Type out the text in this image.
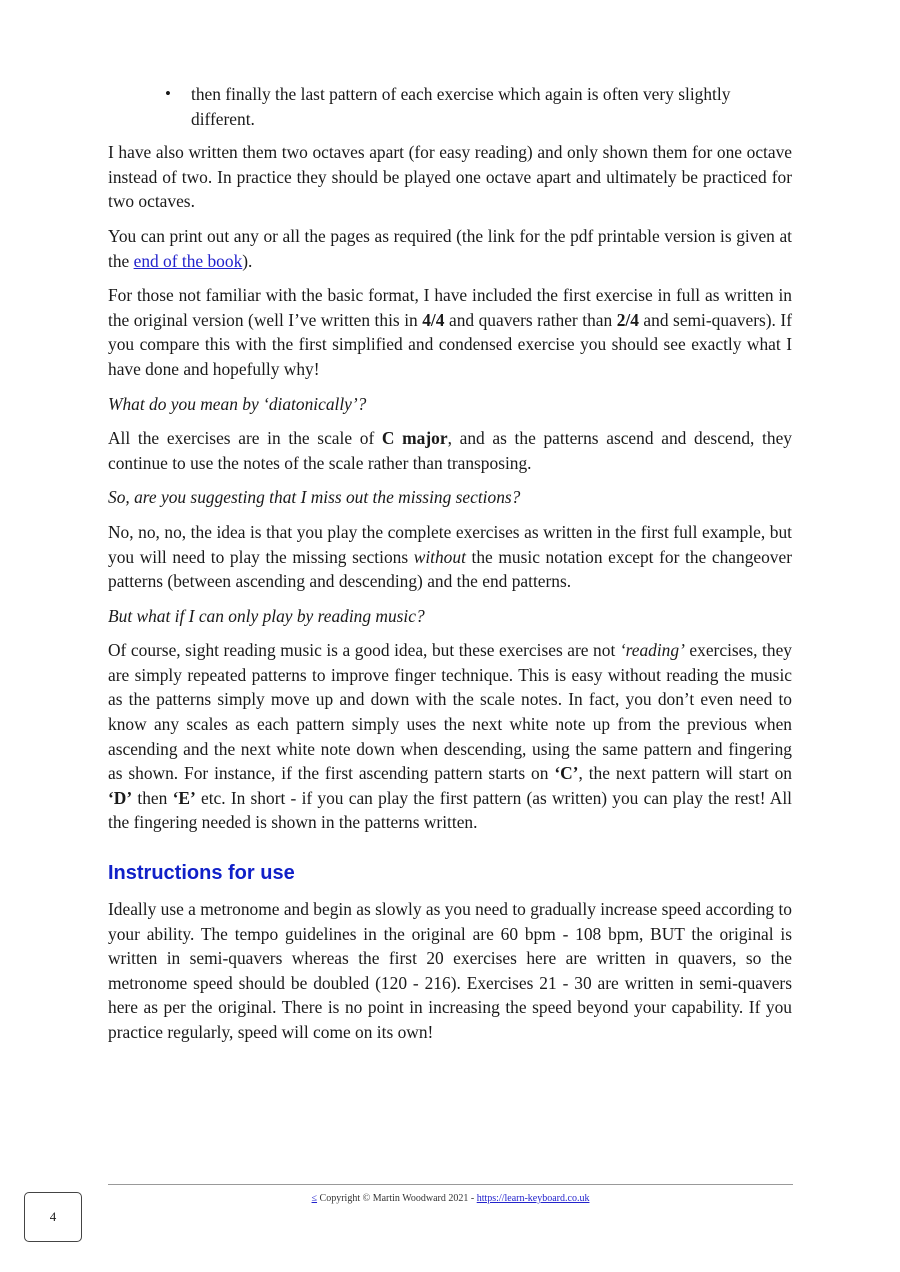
•	then finally the last pattern of each exercise which again is often very slightly different.

I have also written them two octaves apart (for easy reading) and only shown them for one octave instead of two. In practice they should be played one octave apart and ultimately be practiced for two octaves.

You can print out any or all the pages as required (the link for the pdf printable version is given at the end of the book).

For those not familiar with the basic format, I have included the first exercise in full as written in the original version (well I’ve written this in 4/4 and quavers rather than 2/4 and semi-quavers). If you compare this with the first simplified and condensed exercise you should see exactly what I have done and hopefully why!

What do you mean by ‘diatonically’?

All the exercises are in the scale of C major, and as the patterns ascend and descend, they continue to use the notes of the scale rather than transposing.

So, are you suggesting that I miss out the missing sections?

No, no, no, the idea is that you play the complete exercises as written in the first full example, but you will need to play the missing sections without the music notation except for the changeover patterns (between ascending and descending) and the end patterns.

But what if I can only play by reading music?

Of course, sight reading music is a good idea, but these exercises are not ‘reading’ exercises, they are simply repeated patterns to improve finger technique. This is easy without reading the music as the patterns simply move up and down with the scale notes. In fact, you don’t even need to know any scales as each pattern simply uses the next white note up from the previous when ascending and the next white note down when descending, using the same pattern and fingering as shown. For instance, if the first ascending pattern starts on ‘C’, the next pattern will start on ‘D’ then ‘E’ etc. In short - if you can play the first pattern (as written) you can play the rest! All the fingering needed is shown in the patterns written.

Instructions for use

Ideally use a metronome and begin as slowly as you need to gradually increase speed according to your ability. The tempo guidelines in the original are 60 bpm - 108 bpm, BUT the original is written in semi-quavers whereas the first 20 exercises here are written in quavers, so the metronome speed should be doubled (120 - 216). Exercises 21 - 30 are written in semi-quavers here as per the original. There is no point in increasing the speed beyond your capability. If you practice regularly, speed will come on its own!

≤ Copyright © Martin Woodward 2021 - https://learn-keyboard.co.uk
4
